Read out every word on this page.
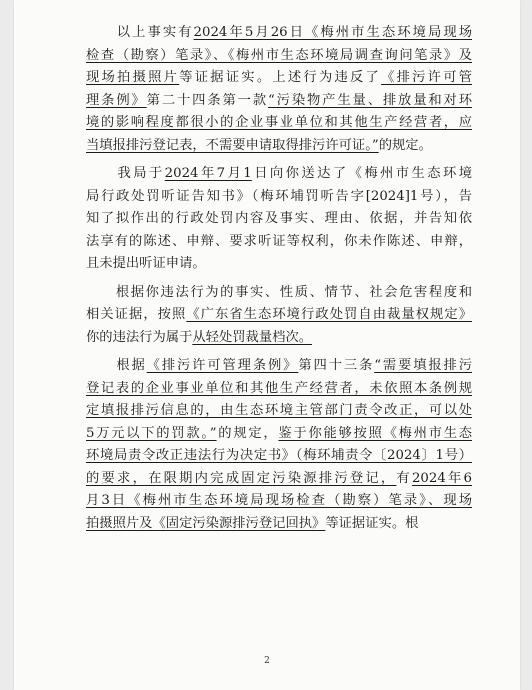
　　以上事实有2024年5月26日《梅州市生态环境局现场
检查（勘察）笔录》、《梅州市生态环境局调查询问笔录》及
现场拍摄照片等证据证实。上述行为违反了《排污许可管
理条例》第二十四条第一款“污染物产生量、排放量和对环
境的影响程度都很小的企业事业单位和其他生产经营者，应
当填报排污登记表，不需要申请取得排污许可证。”的规定。
　　我局于2024年7月1日向你送达了《梅州市生态环境
局行政处罚听证告知书》（梅环埔罚听告字[2024]1号），告
知了拟作出的行政处罚内容及事实、理由、依据，并告知依
法享有的陈述、申辩、要求听证等权利，你未作陈述、申辩，
且未提出听证申请。
　　根据你违法行为的事实、性质、情节、社会危害程度和
相关证据，按照《广东省生态环境行政处罚自由裁量权规定》
你的违法行为属于从轻处罚裁量档次。
　　根据《排污许可管理条例》第四十三条“需要填报排污
登记表的企业事业单位和其他生产经营者，未依照本条例规
定填报排污信息的，由生态环境主管部门责令改正，可以处
5万元以下的罚款。”的规定，鉴于你能够按照《梅州市生态
环境局责令改正违法行为决定书》（梅环埔责令〔2024〕1号）
的要求，在限期内完成固定污染源排污登记，有2024年6
月3日《梅州市生态环境局现场检查（勘察）笔录》、现场
拍摄照片及《固定污染源排污登记回执》等证据证实。根
2
